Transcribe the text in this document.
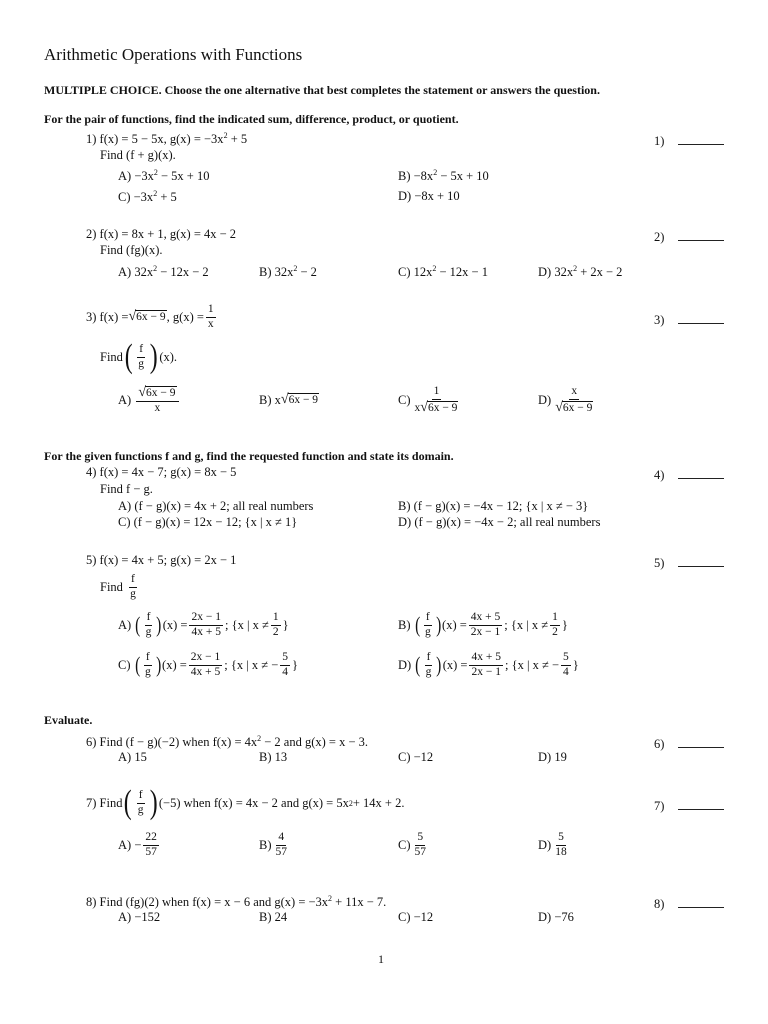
Arithmetic Operations with Functions
MULTIPLE CHOICE. Choose the one alternative that best completes the statement or answers the question.
For the pair of functions, find the indicated sum, difference, product, or quotient.
1) f(x) = 5 − 5x, $g(x) = -3x^2 + 5$
Find (f + g)(x).
$A) -3x^2 - 5x + 10$	$B) -8x^2 - 5x + 10$
$C) -3x^2 + 5$	D) −8x + 10
1)
2) f(x) = 8x + 1, g(x) = 4x − 2
Find (fg)(x).
A) $32x^2 - 12x - 2$	B) $32x^2 - 2$	C) $12x^2 - 12x - 1$	D) $32x^2 + 2x - 2$
2)
3)
f(x) = √ 6x − 9 , $g(x) = \frac{1}{x}$
Find ( $\frac{f}{g}$ ) (x).
A)
$\frac{√ 6x - 9}{x}$	B) x √ 6x − 9	$C) \frac{1}{x √ 6x - 9}$	$D) \frac{x}{√ 6x - 9}$
3)
For the given functions f and g, find the requested function and state its domain.
4) f(x) = 4x − 7; g(x) = 8x − 5
Find f − g.
A) (f − g)(x) = 4x + 2; all real numbers	B) (f − g)(x) = −4x − 12; {x | x ≠ − 3}
C) (f − g)(x) = 12x − 12; {x | x ≠ 1}	D) (f − g)(x) = −4x − 2; all real numbers
4)
5) f(x) = 4x + 5; g(x) = 2x − 1
Find
$\frac{f}{g}$
A)
( $\frac{f}{g}$ ) $(x) = \frac{2x - 1}{4x + 5}$ ; {x | $x \ne \frac{1}{2}$ }	B)
( $\frac{f}{g}$ ) $(x) = \frac{4x + 5}{2x - 1}$ ; {x | $x \ne \frac{1}{2}$ }
C)
( $\frac{f}{g}$ ) $(x) = \frac{2x - 1}{4x + 5}$ ; {x | x ≠ − $\frac{5}{4}$ }	D)
( $\frac{f}{g}$ ) $(x) = \frac{4x + 5}{2x - 1}$ ; {x | x ≠ − $\frac{5}{4}$ }
5)
Evaluate.
6) Find (f − g)(−2) when $f(x) = 4x^2 - 2$ and g(x) = x − 3.
A) 15	B) 13	C) −12	D) 19
6)
7) Find ( $\frac{f}{g}$ ) (−5) when f(x) = 4x − 2 and g(x) = 5x 2 + 14x + 2.
$A) - \frac{22}{57}$	$B) \frac{4}{57}$	$C) \frac{5}{57}$	$D) \frac{5}{18}$
7)
8) Find (fg)(2) when f(x) = x − 6 and $g(x) = -3x^2 + 11x - 7$.
A) −152	B) 24	C) −12	D) −76
8)
1
